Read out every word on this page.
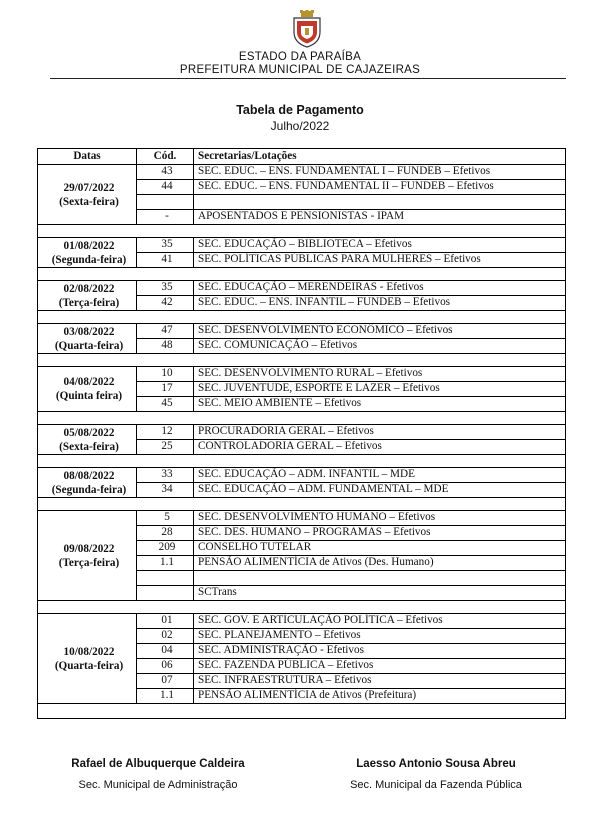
ESTADO DA PARAÍBA
PREFEITURA MUNICIPAL DE CAJAZEIRAS
Tabela de Pagamento
Julho/2022
Datas	Cód.	Secretarias/Lotações

29/07/2022
(Sexta-feira)	43	SEC. EDUC. – ENS. FUNDAMENTAL I – FUNDEB – Efetivos
	44	SEC. EDUC. – ENS. FUNDAMENTAL II – FUNDEB – Efetivos

	-	APOSENTADOS E PENSIONISTAS - IPAM

01/08/2022
(Segunda-feira)	35	SEC. EDUCAÇÃO – BIBLIOTECA – Efetivos
	41	SEC. POLÍTICAS PÚBLICAS PARA MULHERES – Efetivos

02/08/2022
(Terça-feira)	35	SEC. EDUCAÇÃO – MERENDEIRAS - Efetivos
	42	SEC. EDUC. – ENS. INFANTIL – FUNDEB – Efetivos

03/08/2022
(Quarta-feira)	47	SEC. DESENVOLVIMENTO ECONÔMICO – Efetivos
	48	SEC. COMUNICAÇÃO – Efetivos

04/08/2022
(Quinta feira)	10	SEC. DESENVOLVIMENTO RURAL – Efetivos
	17	SEC. JUVENTUDE, ESPORTE E LAZER – Efetivos
	45	SEC. MEIO AMBIENTE – Efetivos

05/08/2022
(Sexta-feira)	12	PROCURADORIA GERAL – Efetivos
	25	CONTROLADORIA GERAL – Efetivos

08/08/2022
(Segunda-feira)	33	SEC. EDUCAÇÃO – ADM. INFANTIL – MDE
	34	SEC. EDUCAÇÃO – ADM. FUNDAMENTAL – MDE

09/08/2022
(Terça-feira)	5	SEC. DESENVOLVIMENTO HUMANO – Efetivos
	28	SEC. DES. HUMANO – PROGRAMAS – Efetivos
	209	CONSELHO TUTELAR
	1.1	PENSÃO ALIMENTÍCIA de Ativos (Des. Humano)

		SCTrans

10/08/2022
(Quarta-feira)	01	SEC. GOV. E ARTICULAÇÃO POLÍTICA – Efetivos
	02	SEC. PLANEJAMENTO – Efetivos
	04	SEC. ADMINISTRAÇÃO - Efetivos
	06	SEC. FAZENDA PÚBLICA – Efetivos
	07	SEC. INFRAESTRUTURA – Efetivos
	1.1	PENSÃO ALIMENTÍCIA de Ativos (Prefeitura)

Rafael de Albuquerque Caldeira
Sec. Municipal de Administração
Laesso Antonio Sousa Abreu
Sec. Municipal da Fazenda Pública
